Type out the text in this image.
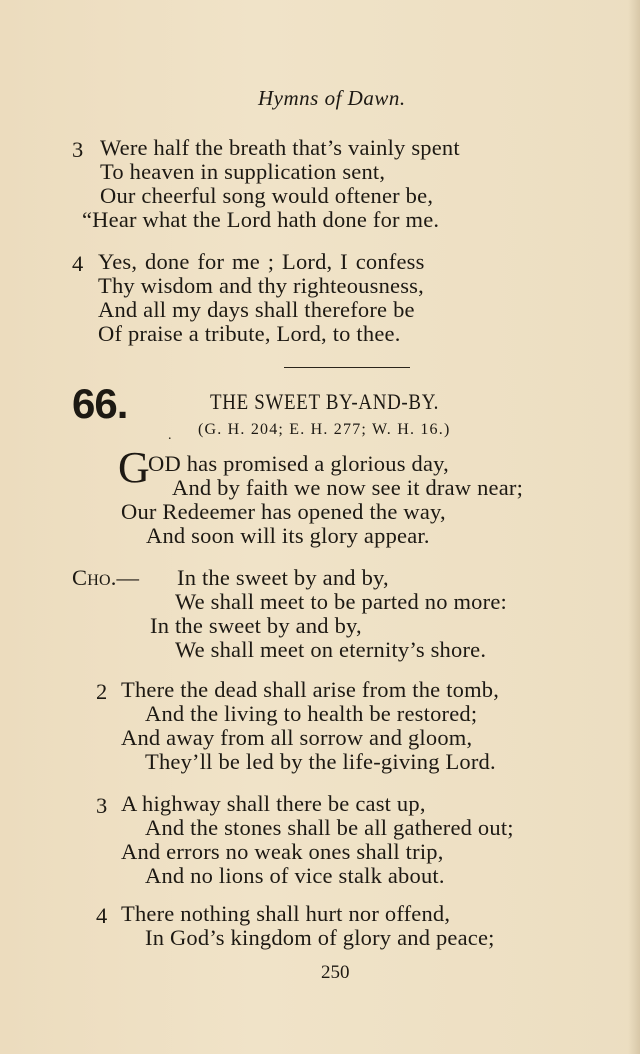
Hymns of Dawn.
3 Were half the breath that’s vainly spent
To heaven in supplication sent,
Our cheerful song would oftener be,
“Hear what the Lord hath done for me.
4 Yes, done for me ; Lord, I confess
Thy wisdom and thy righteousness,
And all my days shall therefore be
Of praise a tribute, Lord, to thee.
66.	THE SWEET BY-AND-BY.
. (G. H. 204; E. H. 277; W. H. 16.)
G
OD has promised a glorious day,
And by faith we now see it draw near;
Our Redeemer has opened the way,
And soon will its glory appear.
Cho.— In the sweet by and by,
We shall meet to be parted no more:
In the sweet by and by,
We shall meet on eternity’s shore.
2 There the dead shall arise from the tomb,
And the living to health be restored;
And away from all sorrow and gloom,
They’ll be led by the life-giving Lord.
3 A highway shall there be cast up,
And the stones shall be all gathered out;
And errors no weak ones shall trip,
And no lions of vice stalk about.
4 There nothing shall hurt nor offend,
In God’s kingdom of glory and peace;
250
